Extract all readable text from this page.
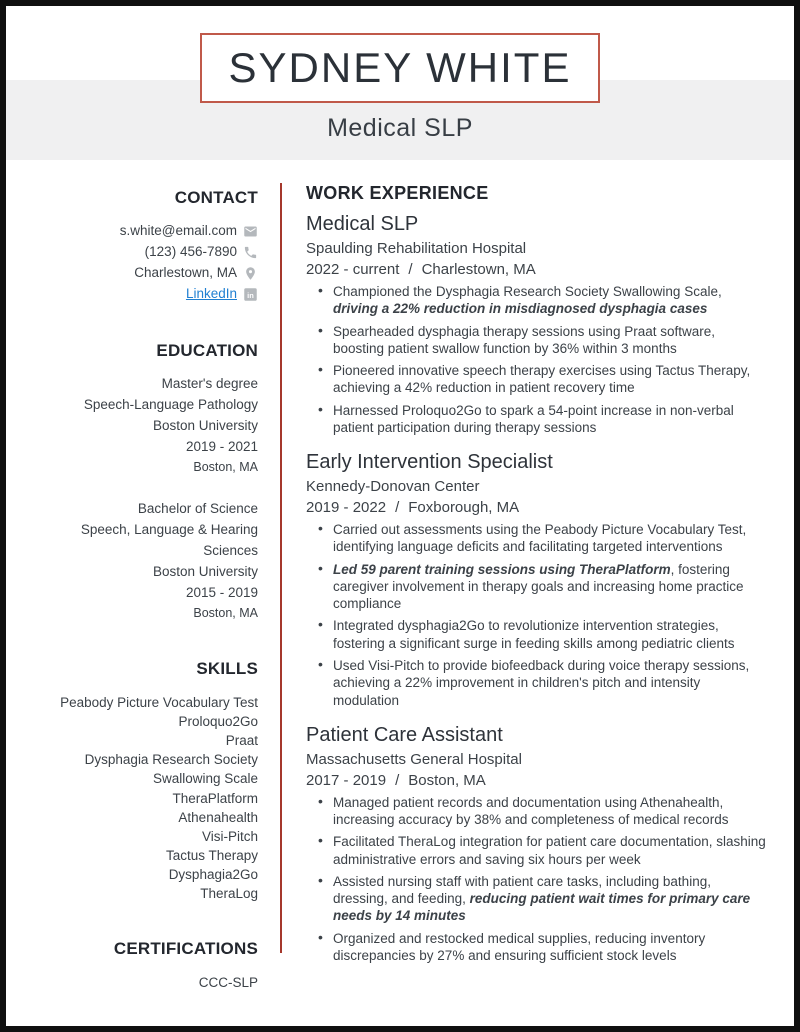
SYDNEY WHITE
Medical SLP
CONTACT
s.white@email.com
(123) 456-7890
Charlestown, MA
LinkedIn in
EDUCATION
Master's degree
Speech-Language Pathology
Boston University
2019 - 2021
Boston, MA
Bachelor of Science
Speech, Language & Hearing Sciences
Boston University
2015 - 2019
Boston, MA
SKILLS
Peabody Picture Vocabulary Test
Proloquo2Go
Praat
Dysphagia Research Society Swallowing Scale
TheraPlatform
Athenahealth
Visi-Pitch
Tactus Therapy
Dysphagia2Go
TheraLog
CERTIFICATIONS
CCC-SLP
WORK EXPERIENCE
Medical SLP
Spaulding Rehabilitation Hospital
2022 - current / Charlestown, MA
• Championed the Dysphagia Research Society Swallowing Scale, driving a 22% reduction in misdiagnosed dysphagia cases
• Spearheaded dysphagia therapy sessions using Praat software, boosting patient swallow function by 36% within 3 months
• Pioneered innovative speech therapy exercises using Tactus Therapy, achieving a 42% reduction in patient recovery time
• Harnessed Proloquo2Go to spark a 54-point increase in non-verbal patient participation during therapy sessions
Early Intervention Specialist
Kennedy-Donovan Center
2019 - 2022 / Foxborough, MA
• Carried out assessments using the Peabody Picture Vocabulary Test, identifying language deficits and facilitating targeted interventions
• Led 59 parent training sessions using TheraPlatform, fostering caregiver involvement in therapy goals and increasing home practice compliance
• Integrated dysphagia2Go to revolutionize intervention strategies, fostering a significant surge in feeding skills among pediatric clients
• Used Visi-Pitch to provide biofeedback during voice therapy sessions, achieving a 22% improvement in children's pitch and intensity modulation
Patient Care Assistant
Massachusetts General Hospital
2017 - 2019 / Boston, MA
• Managed patient records and documentation using Athenahealth, increasing accuracy by 38% and completeness of medical records
• Facilitated TheraLog integration for patient care documentation, slashing administrative errors and saving six hours per week
• Assisted nursing staff with patient care tasks, including bathing, dressing, and feeding, reducing patient wait times for primary care needs by 14 minutes
• Organized and restocked medical supplies, reducing inventory discrepancies by 27% and ensuring sufficient stock levels
